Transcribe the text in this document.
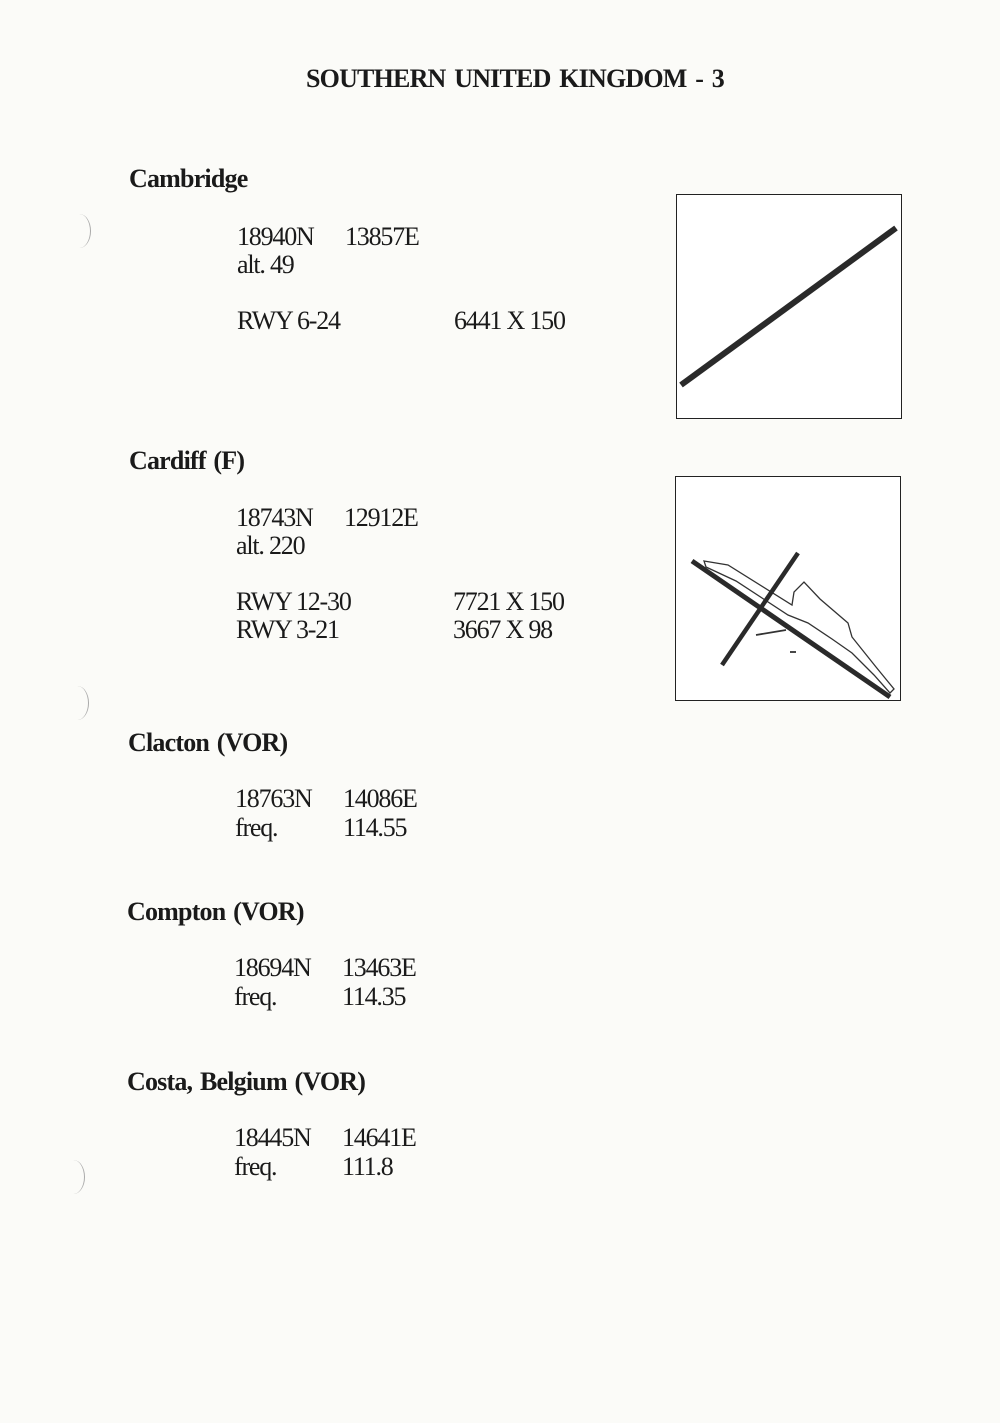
SOUTHERN UNITED KINGDOM - 3
Cambridge
18940N 13857E
alt. 49
RWY 6-24	6441 X 150
Cardiff (F)
18743N 12912E
alt. 220
RWY 12-30	7721 X 150
RWY 3-21	3667 X 98
Clacton (VOR)
18763N 14086E
freq.	114.55
Compton (VOR)
18694N 13463E
freq.	114.35
Costa, Belgium (VOR)
18445N 14641E
freq.	111.8
